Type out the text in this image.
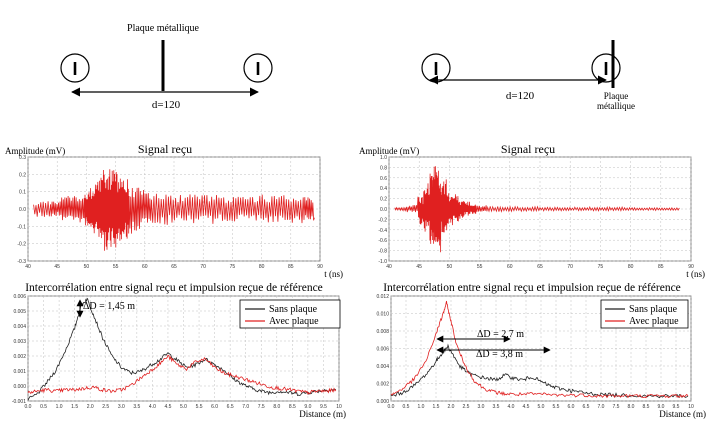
Plaque métallique
I	I
d=120
I	I
d=120	Plaque
métallique
Amplitude (mV)	Signal reçu
t (ns)
Amplitude (mV)	Signal reçu
t (ns)
Intercorrélation entre signal reçu et impulsion reçue de référence	Intercorrélation entre signal reçu et impulsion reçue de référence
Distance (m)	Distance (m)
40	45	50	55	60	65	70	75	80	85	90
0.3
0.2
0.1
0.0
-0.1
-0.2
-0.3
0.0 0.5 1.0 1.5 2.0 2.5 3.0 3.5 4.0 4.5 5.0 5.5 6.0 6.5 7.0 7.5 8.0 8.5 9.0 9.5 10
0.006
0.005
0.004
0.003
0.002
0.001
0.000
-0.001
40	45	50	55	60	65	70	75	80	85	90
1.0
0.8
0.6
0.4
0.2
0.0
-0.2
-0.4
-0.6
-0.8
-1.0
0.0 0.5 1.0 1.5 2.0 2.5 3.0 3.5 4.0 4.5 5.0 5.5 6.0 6.5 7.0 7.5 8.0 8.5 9.0 9.5 10
0.012
0.010
0.008
0.006
0.004
0.002
0.000
ΔD = 1,45 m	Sans plaque
Avec plaque
ΔD = 2,7 m
ΔD = 3,8 m
Sans plaque
Avec plaque
